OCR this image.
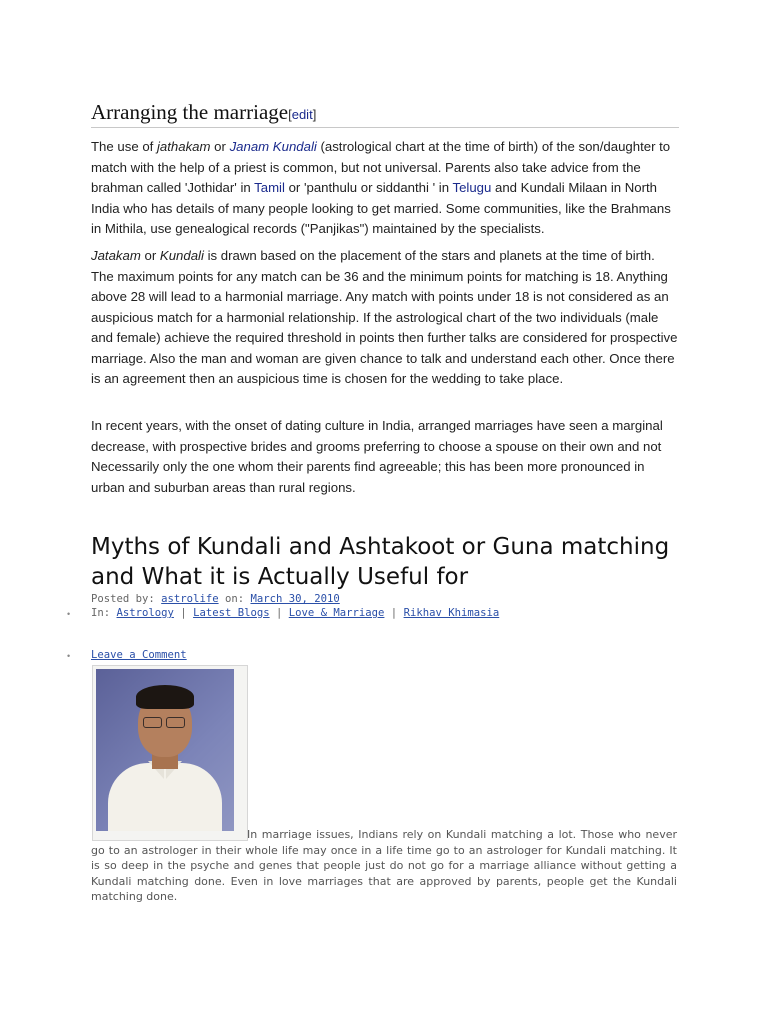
Arranging the marriage[edit]
The use of jathakam or Janam Kundali (astrological chart at the time of birth) of the son/daughter to match with the help of a priest is common, but not universal. Parents also take advice from the brahman called 'Jothidar' in Tamil or 'panthulu or siddanthi ' in Telugu and Kundali Milaan in North India who has details of many people looking to get married. Some communities, like the Brahmans in Mithila, use genealogical records ("Panjikas") maintained by the specialists.
Jatakam or Kundali is drawn based on the placement of the stars and planets at the time of birth. The maximum points for any match can be 36 and the minimum points for matching is 18. Anything above 28 will lead to a harmonial marriage. Any match with points under 18 is not considered as an auspicious match for a harmonial relationship. If the astrological chart of the two individuals (male and female) achieve the required threshold in points then further talks are considered for prospective marriage. Also the man and woman are given chance to talk and understand each other. Once there is an agreement then an auspicious time is chosen for the wedding to take place.
In recent years, with the onset of dating culture in India, arranged marriages have seen a marginal decrease, with prospective brides and grooms preferring to choose a spouse on their own and not Necessarily only the one whom their parents find agreeable; this has been more pronounced in urban and suburban areas than rural regions.
Myths of Kundali and Ashtakoot or Guna matching and What it is Actually Useful for
Posted by: astrolife on: March 30, 2010
• In: Astrology | Latest Blogs | Love & Marriage | Rikhav Khimasia
• Leave a Comment
In marriage issues, Indians rely on Kundali matching a lot. Those who never go to an astrologer in their whole life may once in a life time go to an astrologer for Kundali matching. It is so deep in the psyche and genes that people just do not go for a marriage alliance without getting a Kundali matching done. Even in love marriages that are approved by parents, people get the Kundali matching done.
